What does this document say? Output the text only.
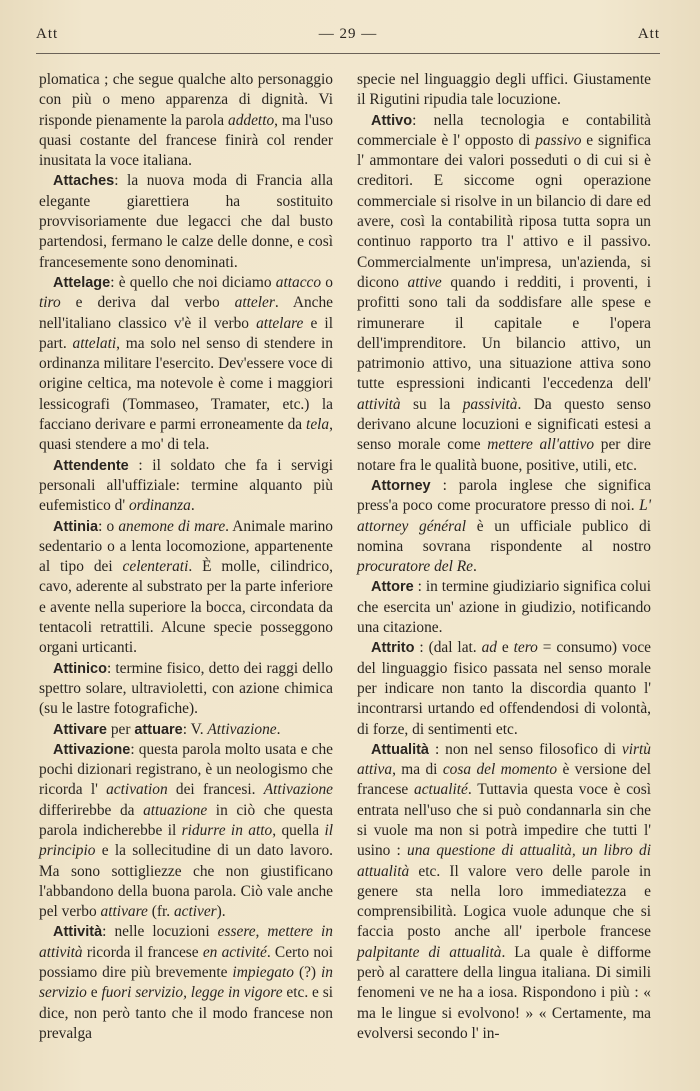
Att	— 29 —	Att

plomatica ; che segue qualche alto personaggio con più o meno apparenza di dignità. Vi risponde pienamente la parola addetto, ma l'uso quasi costante del francese finirà col render inusitata la voce italiana.

Attaches: la nuova moda di Francia alla elegante giarettiera ha sostituito provvisoriamente due legacci che dal busto partendosi, fermano le calze delle donne, e così francesemente sono denominati.

Attelage: è quello che noi diciamo attacco o tiro e deriva dal verbo atteler. Anche nell'italiano classico v'è il verbo attelare e il part. attelati, ma solo nel senso di stendere in ordinanza militare l'esercito. Dev'essere voce di origine celtica, ma notevole è come i maggiori lessicografi (Tommaseo, Tramater, etc.) la facciano derivare e parmi erroneamente da tela, quasi stendere a mo' di tela.

Attendente : il soldato che fa i servigi personali all'uffiziale: termine alquanto più eufemistico d' ordinanza.

Attinia: o anemone di mare. Animale marino sedentario o a lenta locomozione, appartenente al tipo dei celenterati. È molle, cilindrico, cavo, aderente al substrato per la parte inferiore e avente nella superiore la bocca, circondata da tentacoli retrattili. Alcune specie posseggono organi urticanti.

Attinico: termine fisico, detto dei raggi dello spettro solare, ultravioletti, con azione chimica (su le lastre fotografiche).

Attivare per attuare: V. Attivazione.

Attivazione: questa parola molto usata e che pochi dizionari registrano, è un neologismo che ricorda l' activation dei francesi. Attivazione differirebbe da attuazione in ciò che questa parola indicherebbe il ridurre in atto, quella il principio e la sollecitudine di un dato lavoro. Ma sono sottigliezze che non giustificano l'abbandono della buona parola. Ciò vale anche pel verbo attivare (fr. activer).

Attività: nelle locuzioni essere, mettere in attività ricorda il francese en activité. Certo noi possiamo dire più brevemente impiegato (?) in servizio e fuori servizio, legge in vigore etc. e si dice, non però tanto che il modo francese non prevalga

specie nel linguaggio degli uffici. Giustamente il Rigutini ripudia tale locuzione.

Attivo: nella tecnologia e contabilità commerciale è l' opposto di passivo e significa l' ammontare dei valori posseduti o di cui si è creditori. E siccome ogni operazione commerciale si risolve in un bilancio di dare ed avere, così la contabilità riposa tutta sopra un continuo rapporto tra l' attivo e il passivo. Commercialmente un'impresa, un'azienda, si dicono attive quando i redditi, i proventi, i profitti sono tali da soddisfare alle spese e rimunerare il capitale e l'opera dell'imprenditore. Un bilancio attivo, un patrimonio attivo, una situazione attiva sono tutte espressioni indicanti l'eccedenza dell' attività su la passività. Da questo senso derivano alcune locuzioni e significati estesi a senso morale come mettere all'attivo per dire notare fra le qualità buone, positive, utili, etc.

Attorney : parola inglese che significa press'a poco come procuratore presso di noi. L' attorney général è un ufficiale publico di nomina sovrana rispondente al nostro procuratore del Re.

Attore : in termine giudiziario significa colui che esercita un' azione in giudizio, notificando una citazione.

Attrito : (dal lat. ad e tero = consumo) voce del linguaggio fisico passata nel senso morale per indicare non tanto la discordia quanto l' incontrarsi urtando ed offendendosi di volontà, di forze, di sentimenti etc.

Attualità : non nel senso filosofico di virtù attiva, ma di cosa del momento è versione del francese actualité. Tuttavia questa voce è così entrata nell'uso che si può condannarla sin che si vuole ma non si potrà impedire che tutti l' usino : una questione di attualità, un libro di attualità etc. Il valore vero delle parole in genere sta nella loro immediatezza e comprensibilità. Logica vuole adunque che si faccia posto anche all' iperbole francese palpitante di attualità. La quale è difforme però al carattere della lingua italiana. Di simili fenomeni ve ne ha a iosa. Rispondono i più : « ma le lingue si evolvono! » « Certamente, ma evolversi secondo l' in-
